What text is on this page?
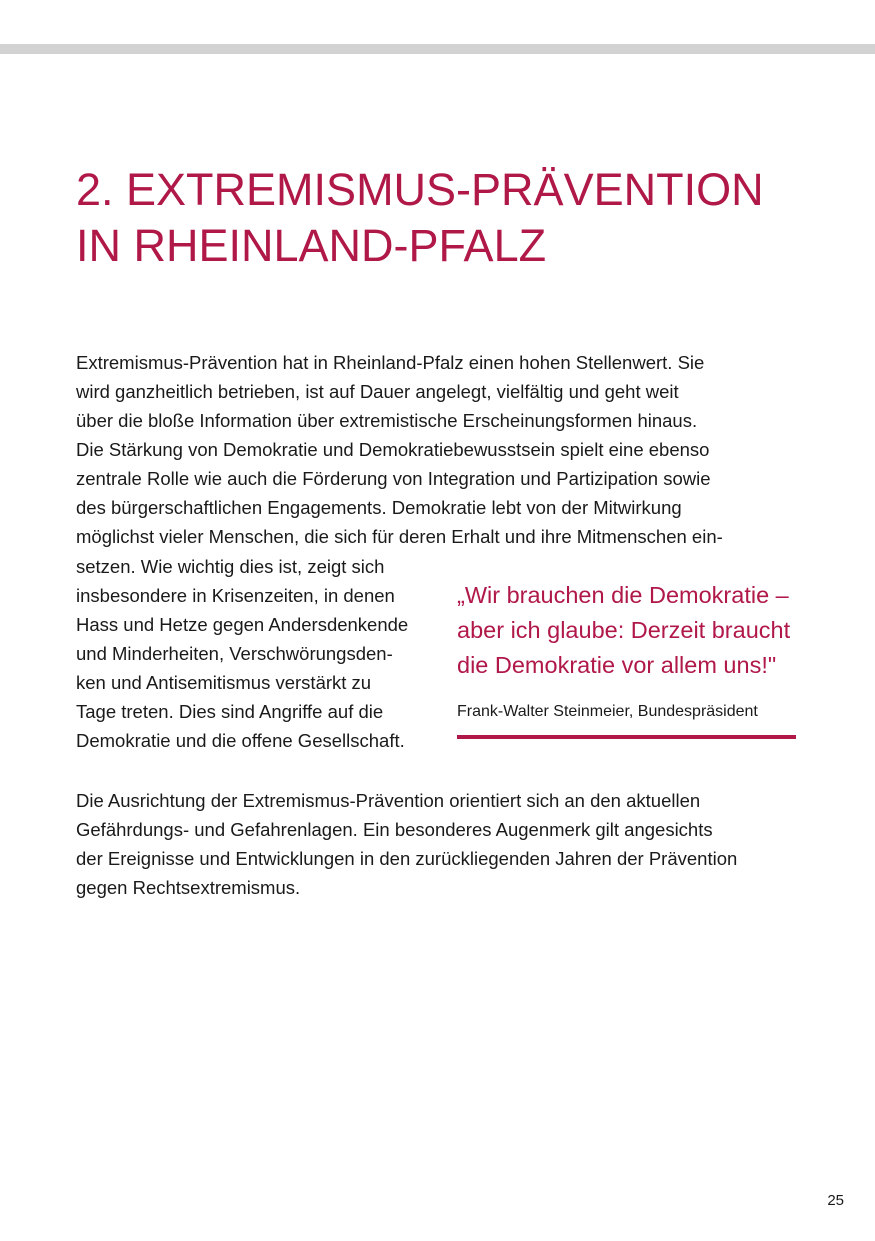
2. EXTREMISMUS-PRÄVENTION
IN RHEINLAND-PFALZ

Extremismus-Prävention hat in Rheinland-Pfalz einen hohen Stellenwert. Sie
wird ganzheitlich betrieben, ist auf Dauer angelegt, vielfältig und geht weit
über die bloße Information über extremistische Erscheinungsformen hinaus.
Die Stärkung von Demokratie und Demokratiebewusstsein spielt eine ebenso
zentrale Rolle wie auch die Förderung von Integration und Partizipation sowie
des bürgerschaftlichen Engagements. Demokratie lebt von der Mitwirkung
möglichst vieler Menschen, die sich für deren Erhalt und ihre Mitmenschen ein-

setzen. Wie wichtig dies ist, zeigt sich
insbesondere in Krisenzeiten, in denen
Hass und Hetze gegen Andersdenkende
und Minderheiten, Verschwörungsden-
ken und Antisemitismus verstärkt zu
Tage treten. Dies sind Angriffe auf die
Demokratie und die offene Gesellschaft.

„Wir brauchen die Demokratie –
aber ich glaube: Derzeit braucht
die Demokratie vor allem uns!"

Frank-Walter Steinmeier, Bundespräsident

Die Ausrichtung der Extremismus-Prävention orientiert sich an den aktuellen
Gefährdungs- und Gefahrenlagen. Ein besonderes Augenmerk gilt angesichts
der Ereignisse und Entwicklungen in den zurückliegenden Jahren der Prävention
gegen Rechtsextremismus.

25
